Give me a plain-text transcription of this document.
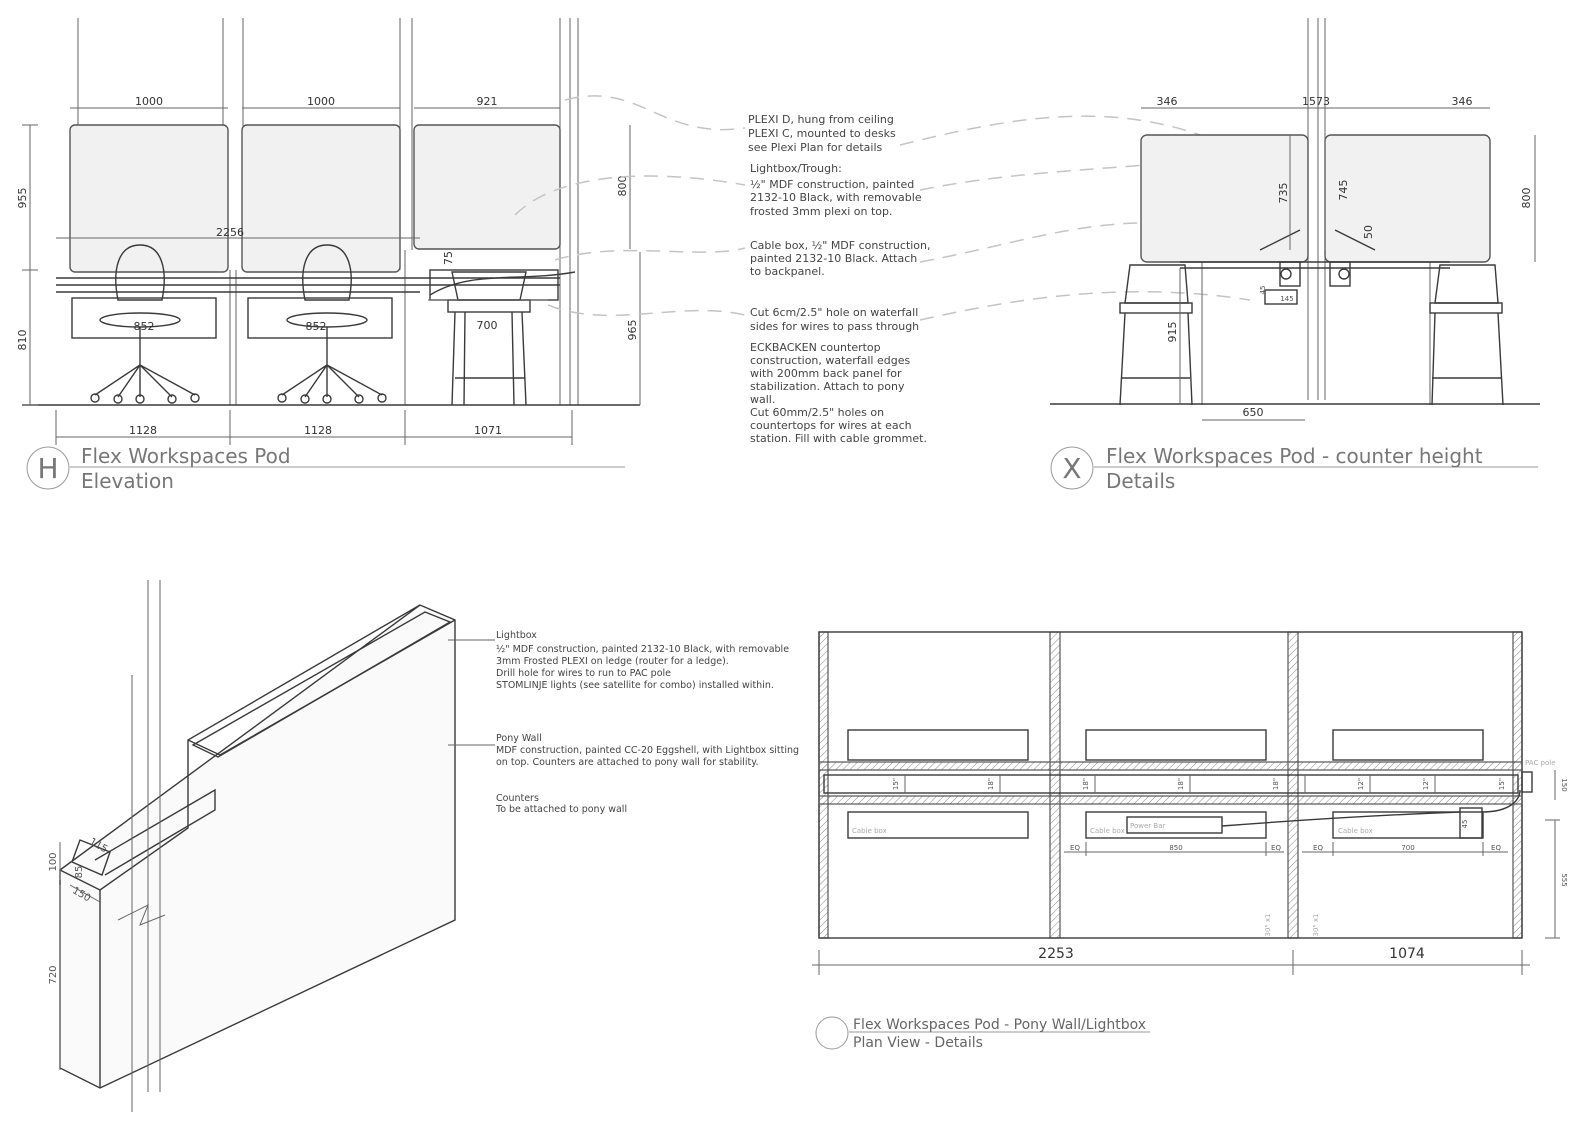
1000	1000	921
2256
955
810
800
965
75
852	852	700
1128	1128	1071
H Flex Workspaces Pod
Elevation
PLEXI D, hung from ceiling
PLEXI C, mounted to desks
see Plexi Plan for details
Lightbox/Trough:
½" MDF construction, painted
2132-10 Black, with removable
frosted 3mm plexi on top.
Cable box, ½" MDF construction,
painted 2132-10 Black. Attach
to backpanel.
Cut 6cm/2.5" hole on waterfall
sides for wires to pass through
ECKBACKEN countertop
construction, waterfall edges
with 200mm back panel for
stabilization. Attach to pony
wall.
Cut 60mm/2.5" holes on
countertops for wires at each
station. Fill with cable grommet.
346	1573	346
735	745	800
50
915
650
45
145
X Flex Workspaces Pod - counter height
Details
100
115
85
150
720
Lightbox
½" MDF construction, painted 2132-10 Black, with removable
3mm Frosted PLEXI on ledge (router for a ledge).
Drill hole for wires to run to PAC pole
STOMLINJE lights (see satellite for combo) installed within.
Pony Wall
MDF construction, painted CC-20 Eggshell, with Lightbox sitting
on top. Counters are attached to pony wall for stability.
Counters
To be attached to pony wall
15"	18"	18"	18"	18"	12"	12"	15"
PAC pole
Cable box	Cable box	Cable box
Power Bar	45
EQ	850	EQ	EQ	700	EQ
30" x1	30" x1
2253	1074
150
555
Flex Workspaces Pod - Pony Wall/Lightbox
Plan View - Details
